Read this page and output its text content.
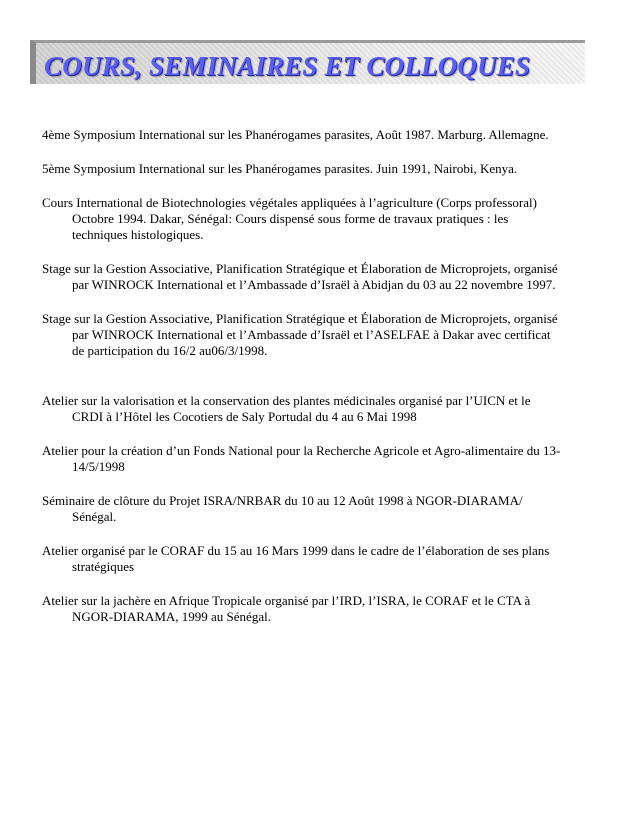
COURS, SEMINAIRES ET COLLOQUES

4ème Symposium International sur les Phanérogames parasites, Août 1987. Marburg. Allemagne.

5ème Symposium International sur les Phanérogames parasites. Juin 1991, Nairobi, Kenya.

Cours International de Biotechnologies végétales appliquées à l’agriculture (Corps professoral) Octobre 1994. Dakar, Sénégal: Cours dispensé sous forme de travaux pratiques : les techniques histologiques.

Stage sur la Gestion Associative, Planification Stratégique et Élaboration de Microprojets, organisé par WINROCK International et l’Ambassade d’Israël à Abidjan du 03 au 22 novembre 1997.

Stage sur la Gestion Associative, Planification Stratégique et Élaboration de Microprojets, organisé par WINROCK International et l’Ambassade d’Israël et l’ASELFAE à Dakar avec certificat de participation du 16/2 au06/3/1998.

Atelier sur la valorisation et la conservation des plantes médicinales organisé par l’UICN et le CRDI à l’Hôtel les Cocotiers de Saly Portudal du 4 au 6 Mai 1998

Atelier pour la création d’un Fonds National pour la Recherche Agricole et Agro-alimentaire du 13-14/5/1998

Séminaire de clôture du Projet ISRA/NRBAR du 10 au 12 Août 1998 à NGOR-DIARAMA/ Sénégal.

Atelier organisé par le CORAF du 15 au 16 Mars 1999 dans le cadre de l’élaboration de ses plans stratégiques

Atelier sur la jachère en Afrique Tropicale organisé par l’IRD, l’ISRA, le CORAF et le CTA à NGOR-DIARAMA, 1999 au Sénégal.
